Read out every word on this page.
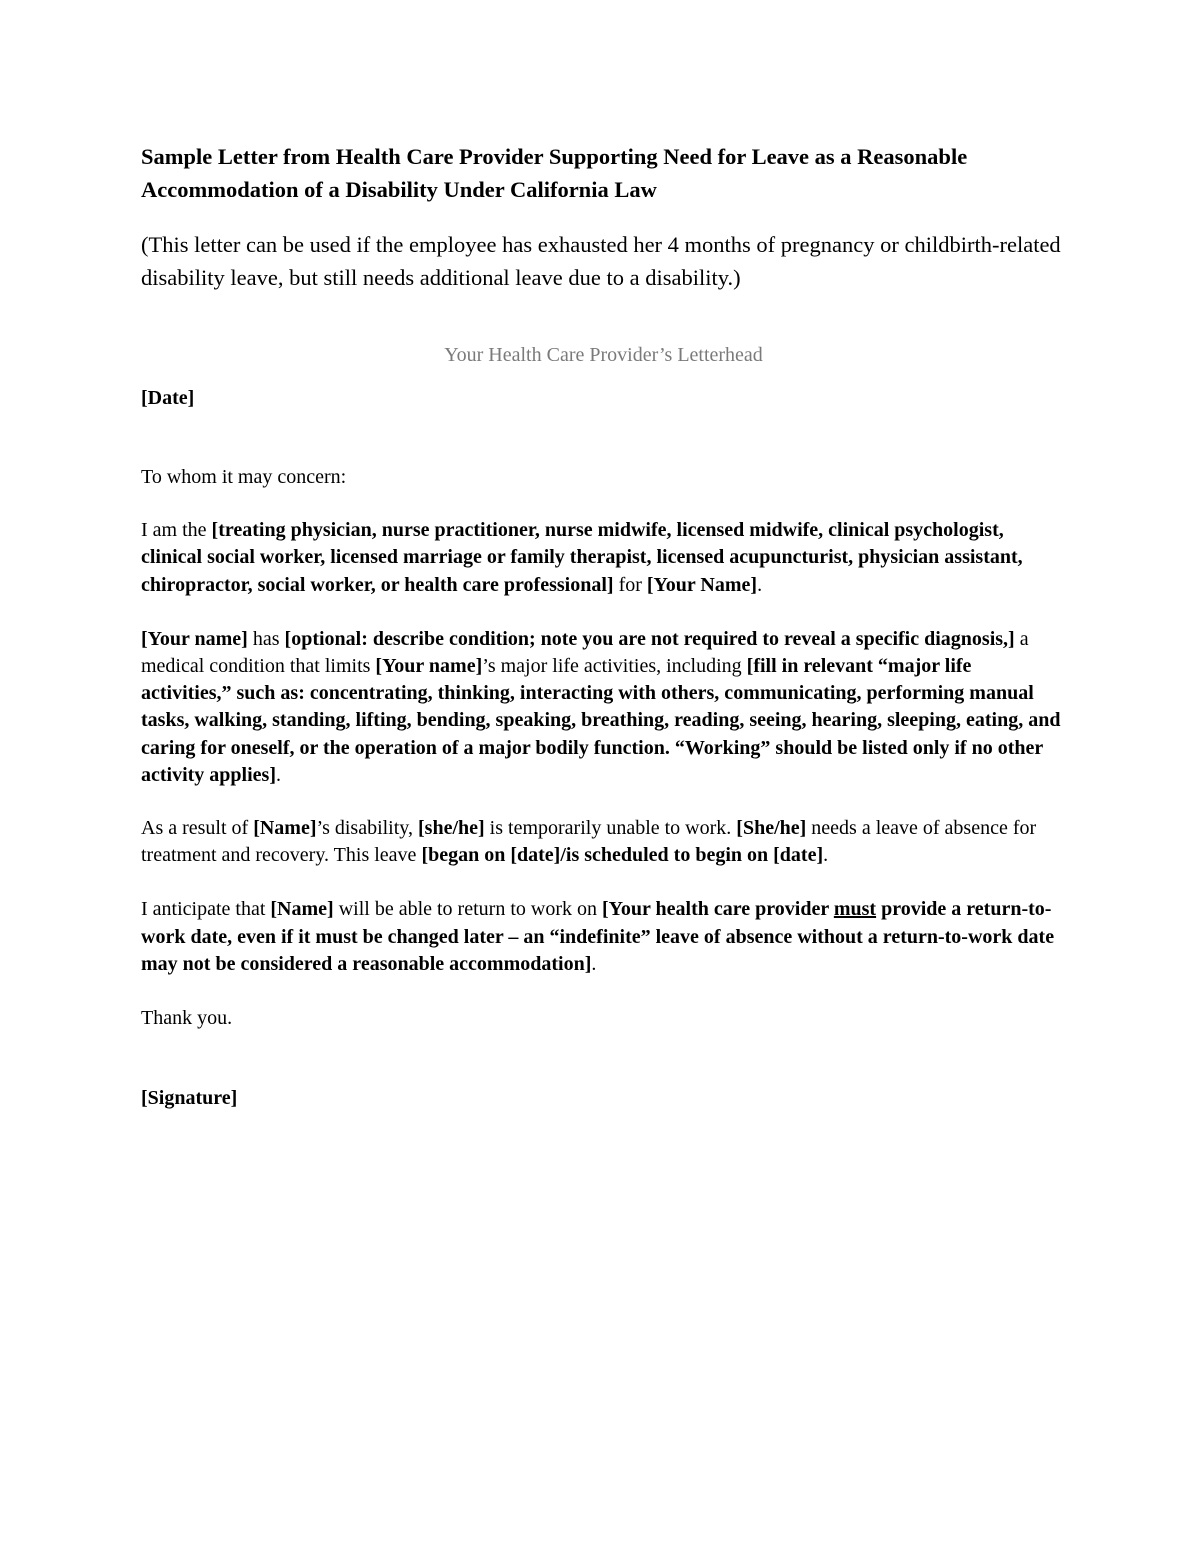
Sample Letter from Health Care Provider Supporting Need for Leave as a Reasonable Accommodation of a Disability Under California Law

(This letter can be used if the employee has exhausted her 4 months of pregnancy or childbirth-related disability leave, but still needs additional leave due to a disability.)

Your Health Care Provider’s Letterhead

[Date]

To whom it may concern:

I am the [treating physician, nurse practitioner, nurse midwife, licensed midwife, clinical psychologist, clinical social worker, licensed marriage or family therapist, licensed acupuncturist, physician assistant, chiropractor, social worker, or health care professional] for [Your Name].

[Your name] has [optional: describe condition; note you are not required to reveal a specific diagnosis,] a medical condition that limits [Your name]’s major life activities, including [fill in relevant “major life activities,” such as: concentrating, thinking, interacting with others, communicating, performing manual tasks, walking, standing, lifting, bending, speaking, breathing, reading, seeing, hearing, sleeping, eating, and caring for oneself, or the operation of a major bodily function. “Working” should be listed only if no other activity applies].

As a result of [Name]’s disability, [she/he] is temporarily unable to work. [She/he] needs a leave of absence for treatment and recovery. This leave [began on [date]/is scheduled to begin on [date].

I anticipate that [Name] will be able to return to work on [Your health care provider must provide a return-to-work date, even if it must be changed later – an “indefinite” leave of absence without a return-to-work date may not be considered a reasonable accommodation].

Thank you.

[Signature]
